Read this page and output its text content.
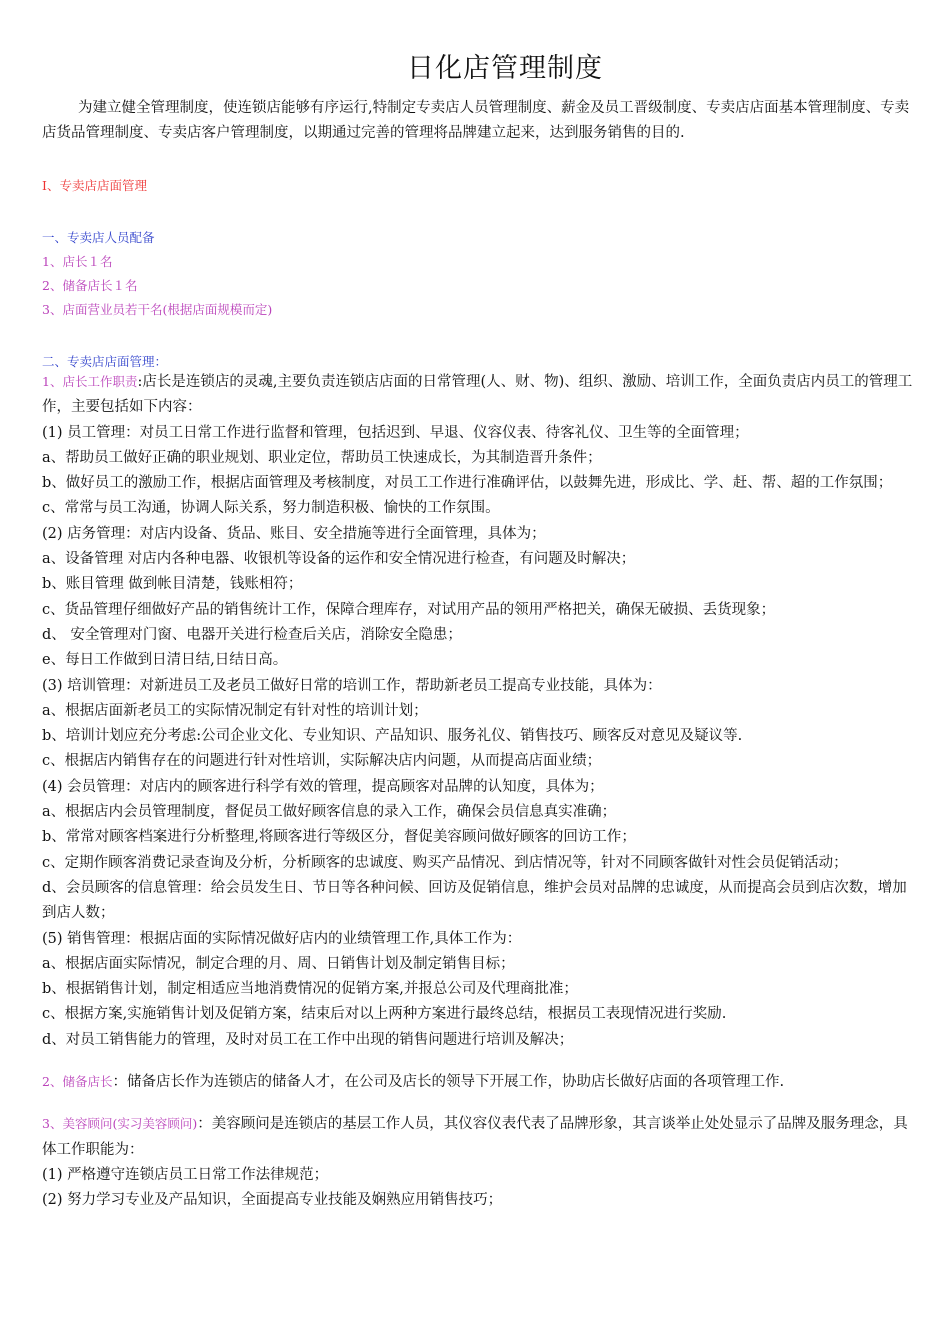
日化店管理制度
为建立健全管理制度，使连锁店能够有序运行,特制定专卖店人员管理制度、薪金及员工晋级制度、专卖店店面基本管理制度、专卖店货品管理制度、专卖店客户管理制度，以期通过完善的管理将品牌建立起来，达到服务销售的目的.
I、专卖店店面管理
一、专卖店人员配备
1、店长１名
2、储备店长１名
3、店面营业员若干名(根据店面规模而定)
二、专卖店店面管理：

1、店长工作职责:店长是连锁店的灵魂,主要负责连锁店店面的日常管理(人、财、物)、组织、激励、培训工作，全面负责店内员工的管理工作，主要包括如下内容：

(1) 员工管理：对员工日常工作进行监督和管理，包括迟到、早退、仪容仪表、待客礼仪、卫生等的全面管理；

a、帮助员工做好正确的职业规划、职业定位，帮助员工快速成长，为其制造晋升条件；

b、做好员工的激励工作，根据店面管理及考核制度，对员工工作进行准确评估，以鼓舞先进，形成比、学、赶、帮、超的工作氛围；

c、常常与员工沟通，协调人际关系，努力制造积极、愉快的工作氛围。

(2) 店务管理：对店内设备、货品、账目、安全措施等进行全面管理，具体为；

a、设备管理 对店内各种电器、收银机等设备的运作和安全情况进行检查，有问题及时解决；

b、账目管理 做到帐目清楚，钱账相符；

c、货品管理仔细做好产品的销售统计工作，保障合理库存，对试用产品的领用严格把关，确保无破损、丢货现象；

d、 安全管理对门窗、电器开关进行检查后关店，消除安全隐患；

e、每日工作做到日清日结,日结日高。

(3) 培训管理：对新进员工及老员工做好日常的培训工作，帮助新老员工提高专业技能，具体为：

a、根据店面新老员工的实际情况制定有针对性的培训计划；

b、培训计划应充分考虑:公司企业文化、专业知识、产品知识、服务礼仪、销售技巧、顾客反对意见及疑议等.

c、根据店内销售存在的问题进行针对性培训，实际解决店内问题，从而提高店面业绩；

(4) 会员管理：对店内的顾客进行科学有效的管理，提高顾客对品牌的认知度，具体为；

a、根据店内会员管理制度，督促员工做好顾客信息的录入工作，确保会员信息真实准确；

b、常常对顾客档案进行分析整理,将顾客进行等级区分，督促美容顾问做好顾客的回访工作；

c、定期作顾客消费记录查询及分析，分析顾客的忠诚度、购买产品情况、到店情况等，针对不同顾客做针对性会员促销活动；

d、会员顾客的信息管理：给会员发生日、节日等各种问候、回访及促销信息，维护会员对品牌的忠诚度，从而提高会员到店次数，增加到店人数；

(5) 销售管理：根据店面的实际情况做好店内的业绩管理工作,具体工作为：

a、根据店面实际情况，制定合理的月、周、日销售计划及制定销售目标；

b、根据销售计划，制定相适应当地消费情况的促销方案,并报总公司及代理商批准；

c、根据方案,实施销售计划及促销方案，结束后对以上两种方案进行最终总结，根据员工表现情况进行奖励.

d、对员工销售能力的管理，及时对员工在工作中出现的销售问题进行培训及解决；

2、储备店长：储备店长作为连锁店的储备人才，在公司及店长的领导下开展工作，协助店长做好店面的各项管理工作.

3、美容顾问(实习美容顾问)：美容顾问是连锁店的基层工作人员，其仪容仪表代表了品牌形象，其言谈举止处处显示了品牌及服务理念，具体工作职能为：

(1) 严格遵守连锁店员工日常工作法律规范；

(2) 努力学习专业及产品知识，全面提高专业技能及娴熟应用销售技巧；
